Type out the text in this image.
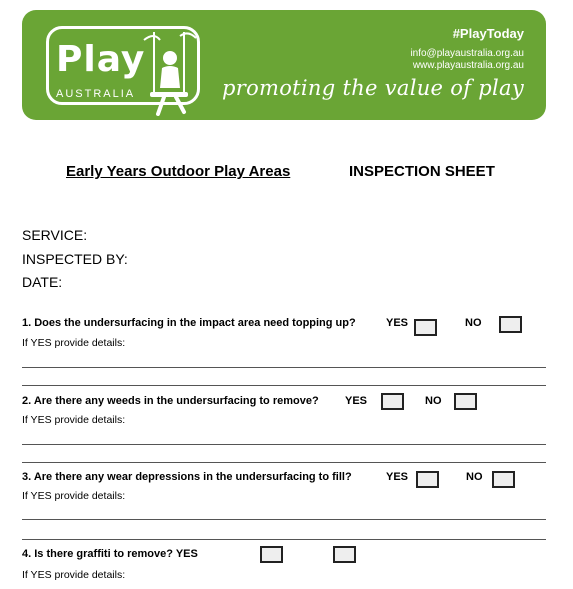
Play
AUSTRALIA
#PlayToday
info@playaustralia.org.au
www.playaustralia.org.au
promoting the value of play
Early Years Outdoor Play Areas	INSPECTION SHEET
SERVICE:
INSPECTED BY:
DATE:
1. Does the undersurfacing in the impact area need topping up?	YES	NO
If YES provide details:
2. Are there any weeds in the undersurfacing to remove? YES	NO
If YES provide details:
3. Are there any wear depressions in the undersurfacing to fill?	YES	NO
If YES provide details:
4. Is there graffiti to remove? YES
If YES provide details:
